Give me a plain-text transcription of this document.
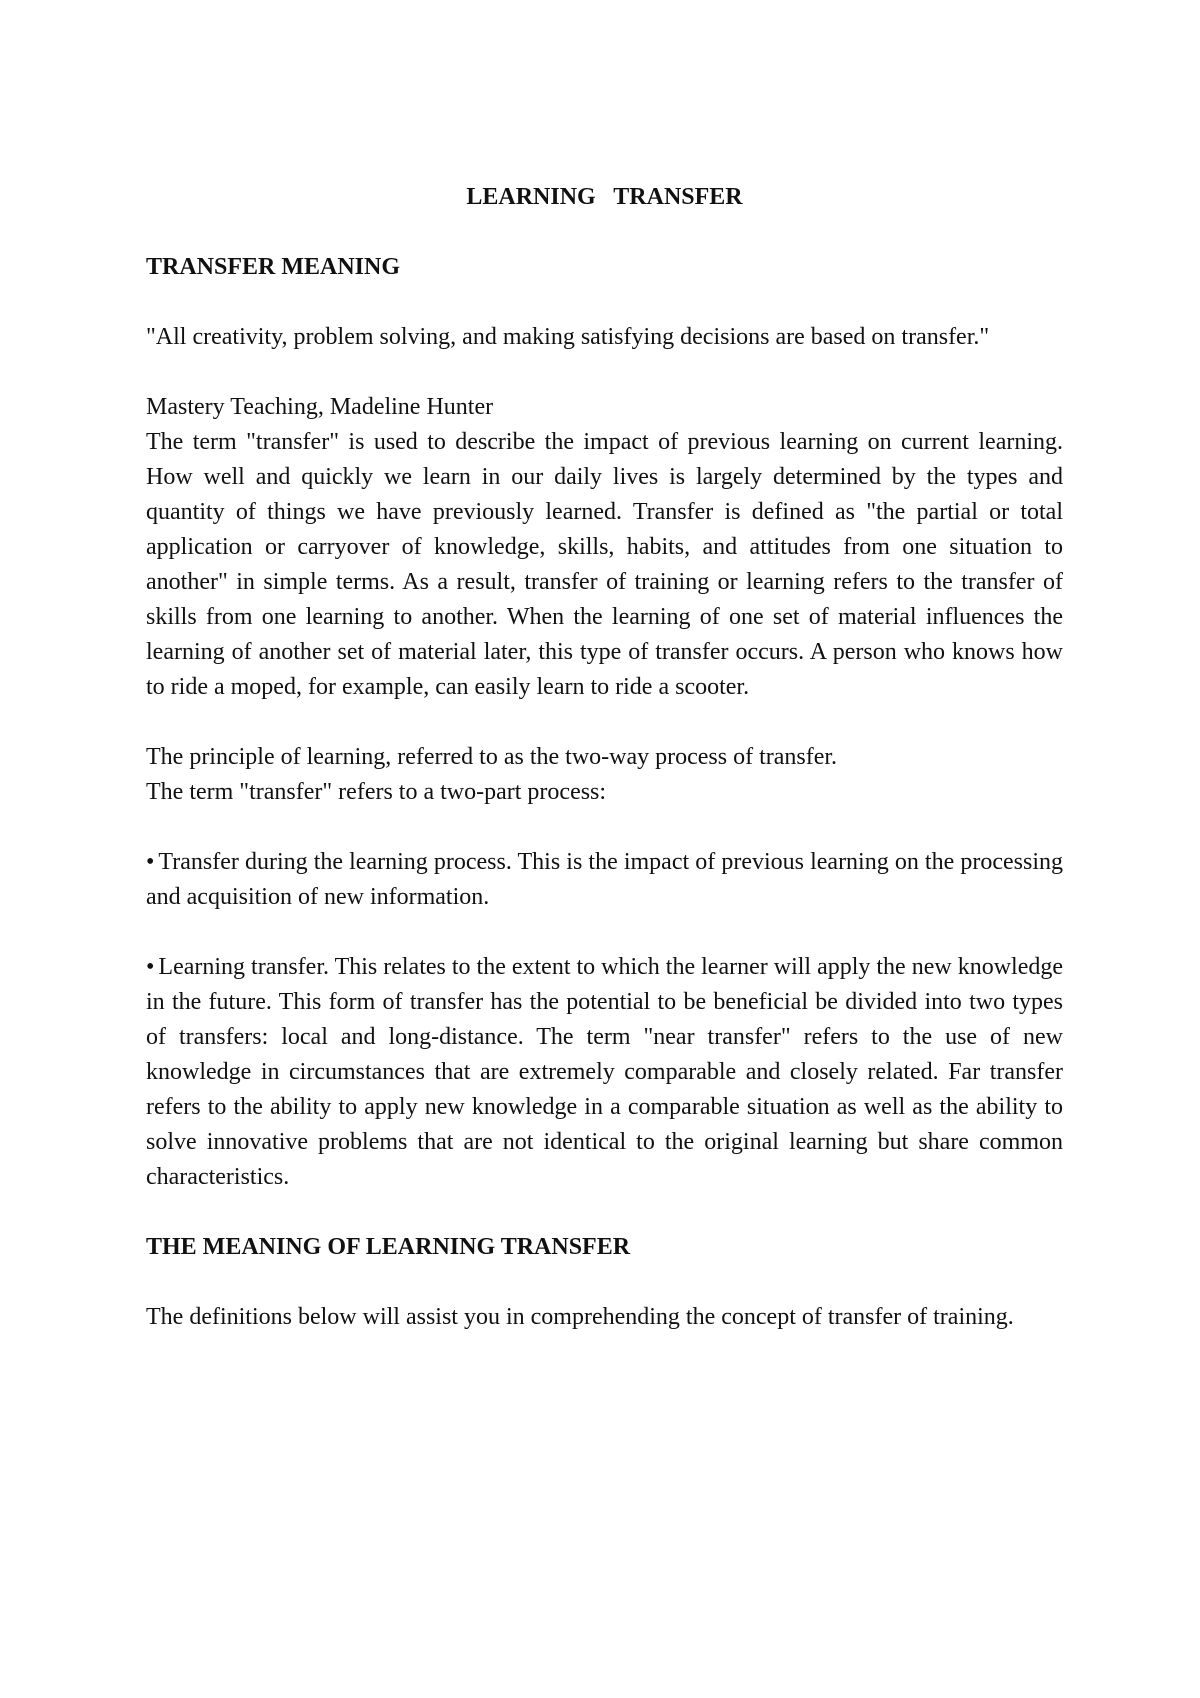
LEARNING   TRANSFER
TRANSFER MEANING
"All creativity, problem solving, and making satisfying decisions are based on transfer."
Mastery Teaching, Madeline Hunter
The term "transfer" is used to describe the impact of previous learning on current learning. How well and quickly we learn in our daily lives is largely determined by the types and quantity of things we have previously learned. Transfer is defined as "the partial or total application or carryover of knowledge, skills, habits, and attitudes from one situation to another" in simple terms. As a result, transfer of training or learning refers to the transfer of skills from one learning to another. When the learning of one set of material influences the learning of another set of material later, this type of transfer occurs. A person who knows how to ride a moped, for example, can easily learn to ride a scooter.
The principle of learning, referred to as the two-way process of transfer.
The term "transfer" refers to a two-part process:
• Transfer during the learning process. This is the impact of previous learning on the processing and acquisition of new information.
• Learning transfer. This relates to the extent to which the learner will apply the new knowledge in the future. This form of transfer has the potential to be beneficial be divided into two types of transfers: local and long-distance. The term "near transfer" refers to the use of new knowledge in circumstances that are extremely comparable and closely related. Far transfer refers to the ability to apply new knowledge in a comparable situation as well as the ability to solve innovative problems that are not identical to the original learning but share common characteristics.
THE MEANING OF LEARNING TRANSFER
The definitions below will assist you in comprehending the concept of transfer of training.
